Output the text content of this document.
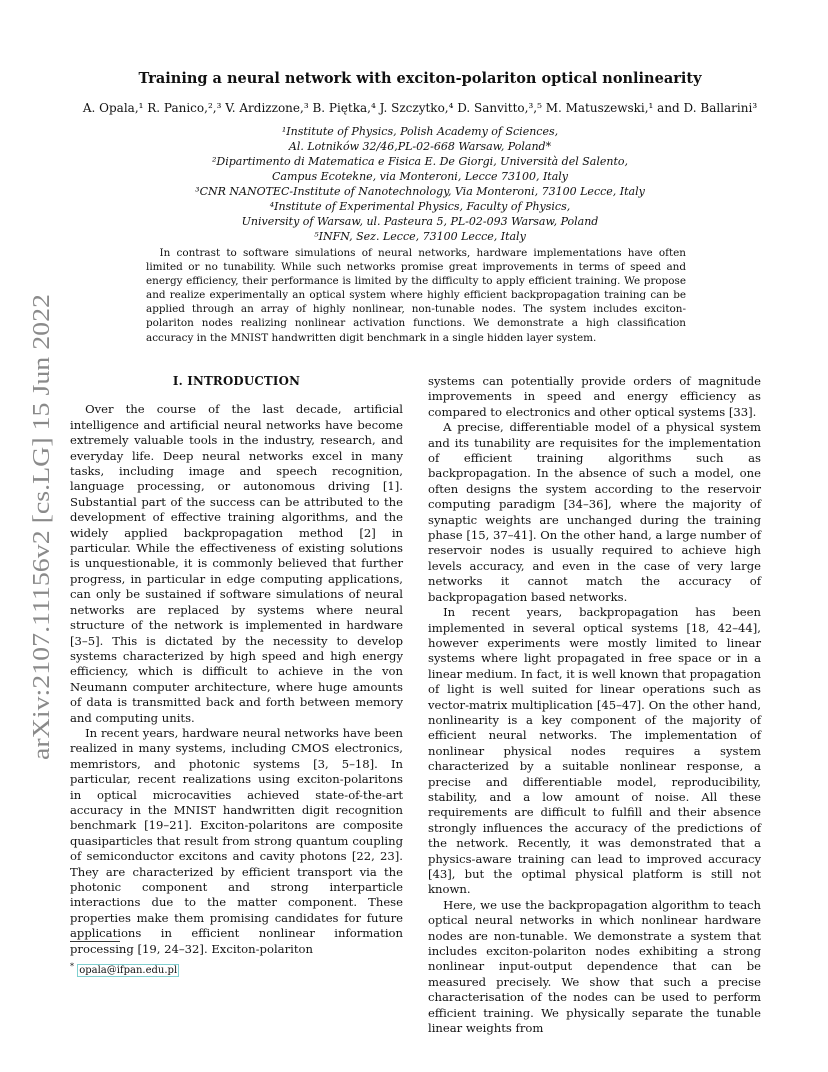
arXiv:2107.11156v2 [cs.LG] 15 Jun 2022
Training a neural network with exciton-polariton optical nonlinearity

A. Opala,¹ R. Panico,²,³ V. Ardizzone,³ B. Piętka,⁴ J. Szczytko,⁴ D. Sanvitto,³,⁵ M. Matuszewski,¹ and D. Ballarini³

¹Institute of Physics, Polish Academy of Sciences,
Al. Lotników 32/46,PL-02-668 Warsaw, Poland*
²Dipartimento di Matematica e Fisica E. De Giorgi, Università del Salento,
Campus Ecotekne, via Monteroni, Lecce 73100, Italy
³CNR NANOTEC-Institute of Nanotechnology, Via Monteroni, 73100 Lecce, Italy
⁴Institute of Experimental Physics, Faculty of Physics,
University of Warsaw, ul. Pasteura 5, PL-02-093 Warsaw, Poland
⁵INFN, Sez. Lecce, 73100 Lecce, Italy

In contrast to software simulations of neural networks, hardware implementations have often limited or no tunability. While such networks promise great improvements in terms of speed and energy efficiency, their performance is limited by the difficulty to apply efficient training. We propose and realize experimentally an optical system where highly efficient backpropagation training can be applied through an array of highly nonlinear, non-tunable nodes. The system includes exciton-polariton nodes realizing nonlinear activation functions. We demonstrate a high classification accuracy in the MNIST handwritten digit benchmark in a single hidden layer system.

I. INTRODUCTION

Over the course of the last decade, artificial intelligence and artificial neural networks have become extremely valuable tools in the industry, research, and everyday life. Deep neural networks excel in many tasks, including image and speech recognition, language processing, or autonomous driving [1]. Substantial part of the success can be attributed to the development of effective training algorithms, and the widely applied backpropagation method [2] in particular. While the effectiveness of existing solutions is unquestionable, it is commonly believed that further progress, in particular in edge computing applications, can only be sustained if software simulations of neural networks are replaced by systems where neural structure of the network is implemented in hardware [3–5]. This is dictated by the necessity to develop systems characterized by high speed and high energy efficiency, which is difficult to achieve in the von Neumann computer architecture, where huge amounts of data is transmitted back and forth between memory and computing units.

In recent years, hardware neural networks have been realized in many systems, including CMOS electronics, memristors, and photonic systems [3, 5–18]. In particular, recent realizations using exciton-polaritons in optical microcavities achieved state-of-the-art accuracy in the MNIST handwritten digit recognition benchmark [19–21]. Exciton-polaritons are composite quasiparticles that result from strong quantum coupling of semiconductor excitons and cavity photons [22, 23]. They are characterized by efficient transport via the photonic component and strong interparticle interactions due to the matter component. These properties make them promising candidates for future applications in efficient nonlinear information processing [19, 24–32]. Exciton-polariton

systems can potentially provide orders of magnitude improvements in speed and energy efficiency as compared to electronics and other optical systems [33].

A precise, differentiable model of a physical system and its tunability are requisites for the implementation of efficient training algorithms such as backpropagation. In the absence of such a model, one often designs the system according to the reservoir computing paradigm [34–36], where the majority of synaptic weights are unchanged during the training phase [15, 37–41]. On the other hand, a large number of reservoir nodes is usually required to achieve high levels accuracy, and even in the case of very large networks it cannot match the accuracy of backpropagation based networks.

In recent years, backpropagation has been implemented in several optical systems [18, 42–44], however experiments were mostly limited to linear systems where light propagated in free space or in a linear medium. In fact, it is well known that propagation of light is well suited for linear operations such as vector-matrix multiplication [45–47]. On the other hand, nonlinearity is a key component of the majority of efficient neural networks. The implementation of nonlinear physical nodes requires a system characterized by a suitable nonlinear response, a precise and differentiable model, reproducibility, stability, and a low amount of noise. All these requirements are difficult to fulfill and their absence strongly influences the accuracy of the predictions of the network. Recently, it was demonstrated that a physics-aware training can lead to improved accuracy [43], but the optimal physical platform is still not known.

Here, we use the backpropagation algorithm to teach optical neural networks in which nonlinear hardware nodes are non-tunable. We demonstrate a system that includes exciton-polariton nodes exhibiting a strong nonlinear input-output dependence that can be measured precisely. We show that such a precise characterisation of the nodes can be used to perform efficient training. We physically separate the tunable linear weights from

* opala@ifpan.edu.pl
